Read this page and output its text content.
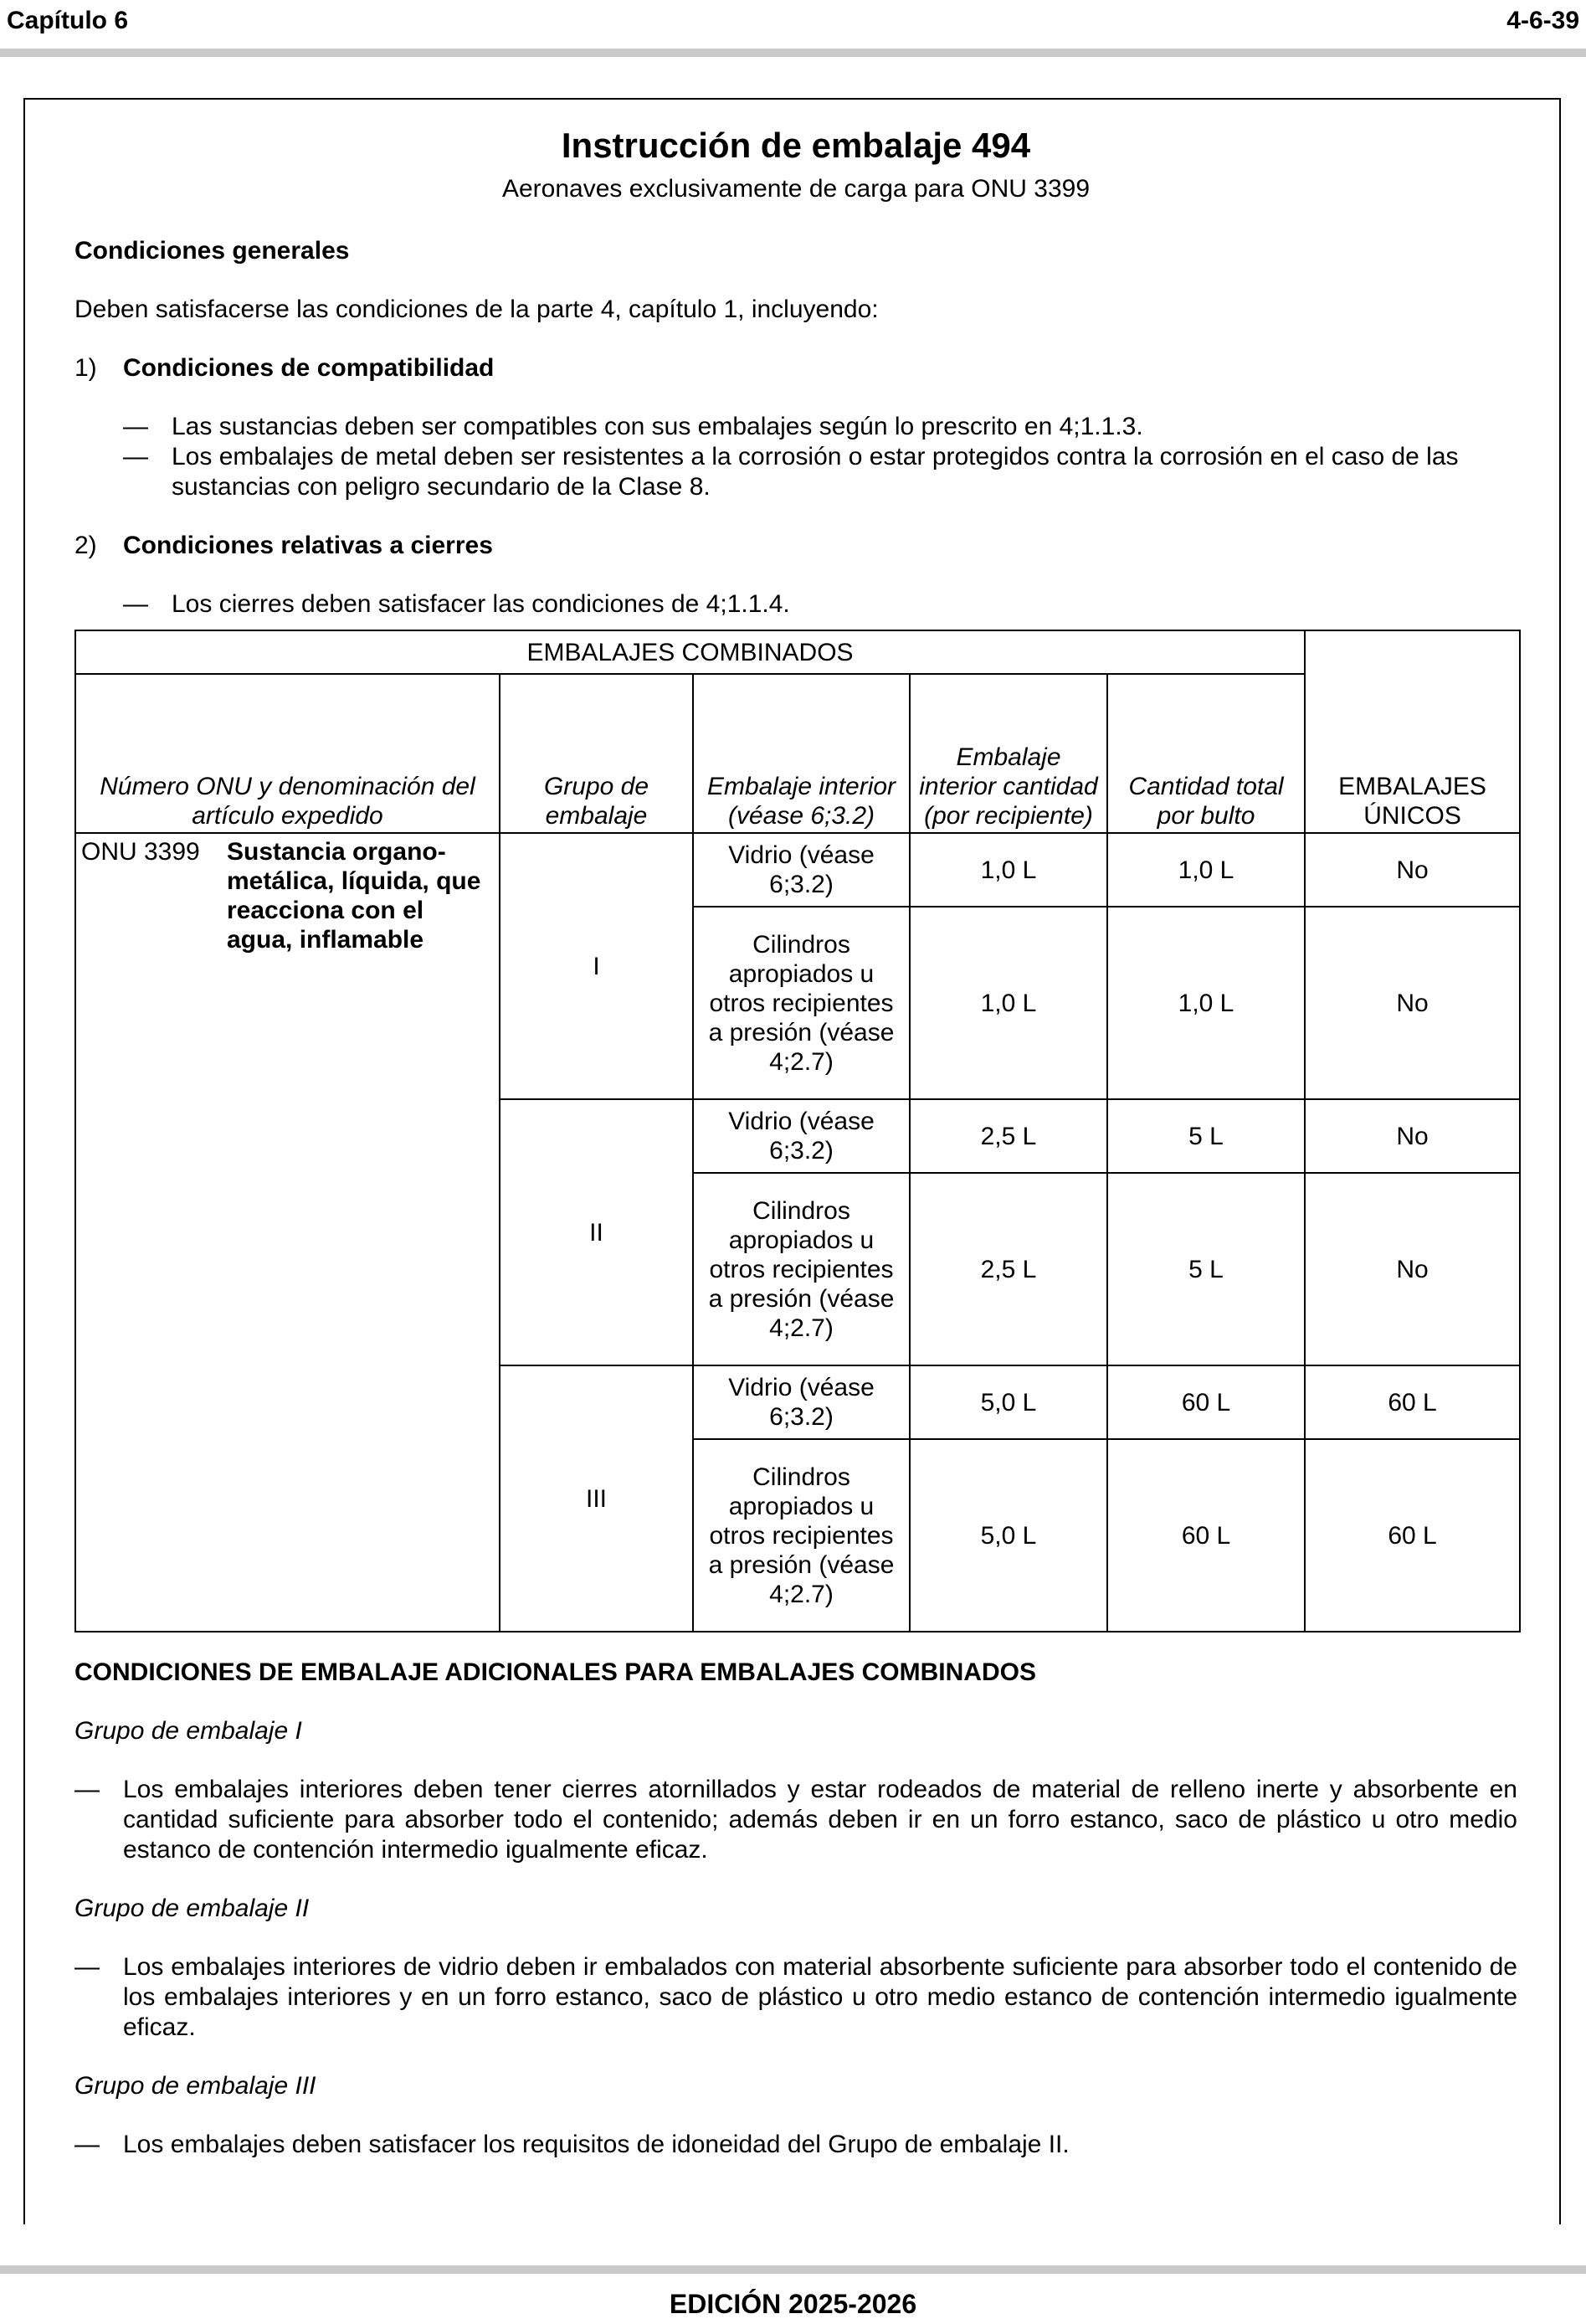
Capítulo 6	4-6-39
Instrucción de embalaje 494
Aeronaves exclusivamente de carga para ONU 3399

Condiciones generales

Deben satisfacerse las condiciones de la parte 4, capítulo 1, incluyendo:

1)	Condiciones de compatibilidad
— Las sustancias deben ser compatibles con sus embalajes según lo prescrito en 4;1.1.3.
— Los embalajes de metal deben ser resistentes a la corrosión o estar protegidos contra la corrosión en el caso de las sustancias con peligro secundario de la Clase 8.
2)	Condiciones relativas a cierres
— Los cierres deben satisfacer las condiciones de 4;1.1.4.
EMBALAJES COMBINADOS					EMBALAJES ÚNICOS
Número ONU y denominación del artículo expedido	Grupo de embalaje	Embalaje interior (véase 6;3.2)	Embalaje interior cantidad (por recipiente)	Cantidad total por bulto	

ONU 3399 Sustancia organo-metálica, líquida, que reacciona con el agua, inflamable	I	Vidrio (véase 6;3.2)	1,0 L	1,0 L	No
		Cilindros apropiados u otros recipientes a presión (véase 4;2.7)	1,0 L	1,0 L	No
	II	Vidrio (véase 6;3.2)	2,5 L	5 L	No
		Cilindros apropiados u otros recipientes a presión (véase 4;2.7)	2,5 L	5 L	No
	III	Vidrio (véase 6;3.2)	5,0 L	60 L	60 L
		Cilindros apropiados u otros recipientes a presión (véase 4;2.7)	5,0 L	60 L	60 L

CONDICIONES DE EMBALAJE ADICIONALES PARA EMBALAJES COMBINADOS

Grupo de embalaje I

— Los embalajes interiores deben tener cierres atornillados y estar rodeados de material de relleno inerte y absorbente en cantidad suficiente para absorber todo el contenido; además deben ir en un forro estanco, saco de plástico u otro medio estanco de contención intermedio igualmente eficaz.

Grupo de embalaje II

— Los embalajes interiores de vidrio deben ir embalados con material absorbente suficiente para absorber todo el contenido de los embalajes interiores y en un forro estanco, saco de plástico u otro medio estanco de contención intermedio igualmente eficaz.

Grupo de embalaje III

— Los embalajes deben satisfacer los requisitos de idoneidad del Grupo de embalaje II.
EDICIÓN 2025-2026
